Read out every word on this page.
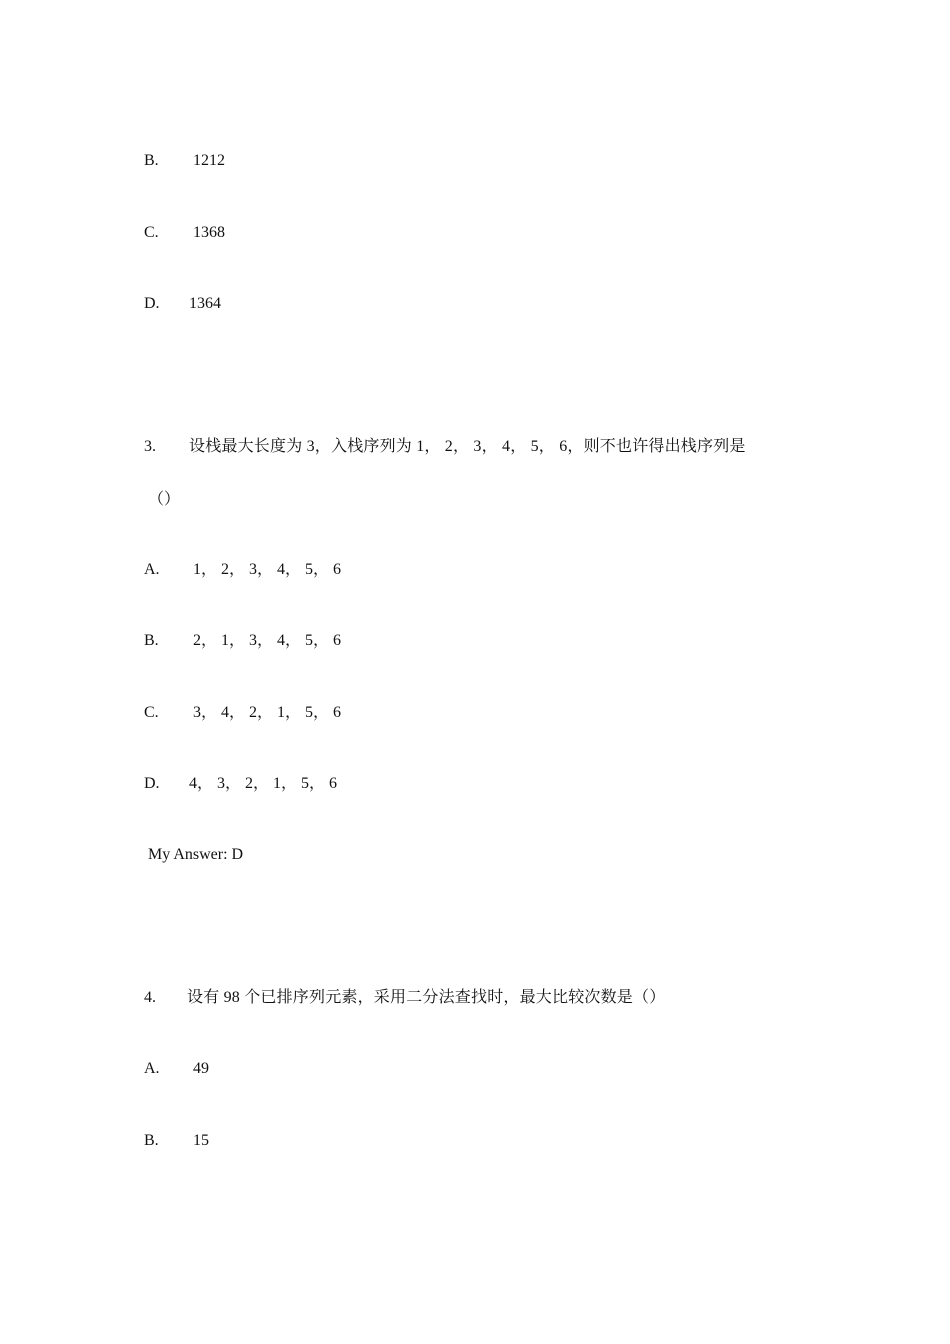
B. 1212
C. 1368
D. 1364
3. 设栈最大长度为 3，入栈序列为 1， 2， 3， 4， 5， 6，则不也许得出栈序列是
（）
A. 1， 2， 3， 4， 5， 6
B. 2， 1， 3， 4， 5， 6
C. 3， 4， 2， 1， 5， 6
D. 4， 3， 2， 1， 5， 6
My Answer: D
4. 设有 98 个已排序列元素，采用二分法查找时，最大比较次数是（）
A. 49
B. 15
